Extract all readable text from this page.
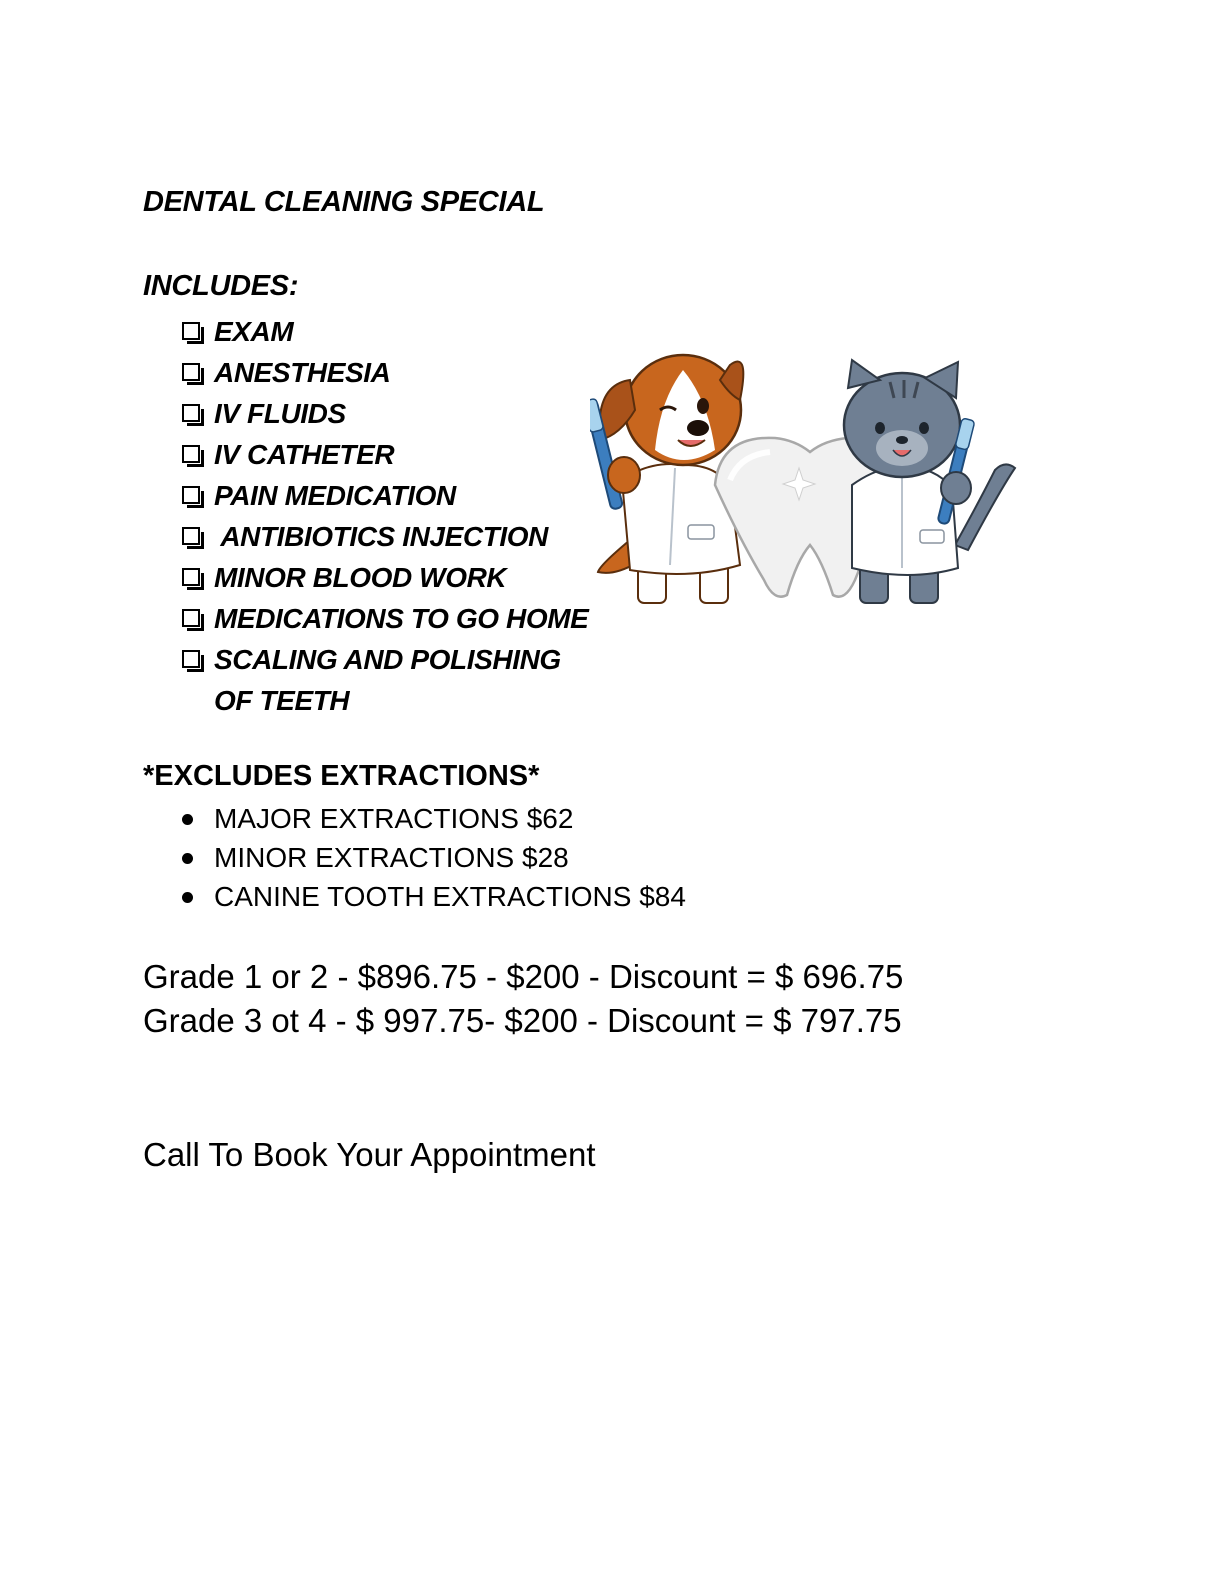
DENTAL CLEANING SPECIAL
INCLUDES:
EXAM
ANESTHESIA
IV FLUIDS
IV CATHETER
PAIN MEDICATION
ANTIBIOTICS INJECTION
MINOR BLOOD WORK
MEDICATIONS TO GO HOME
SCALING AND POLISHING OF TEETH
*EXCLUDES EXTRACTIONS*
MAJOR EXTRACTIONS $62
MINOR EXTRACTIONS $28
CANINE TOOTH EXTRACTIONS $84
Grade 1 or 2 - $896.75 - $200 - Discount = $ 696.75
Grade 3 ot 4 - $ 997.75- $200 - Discount = $ 797.75
Call To Book Your Appointment
